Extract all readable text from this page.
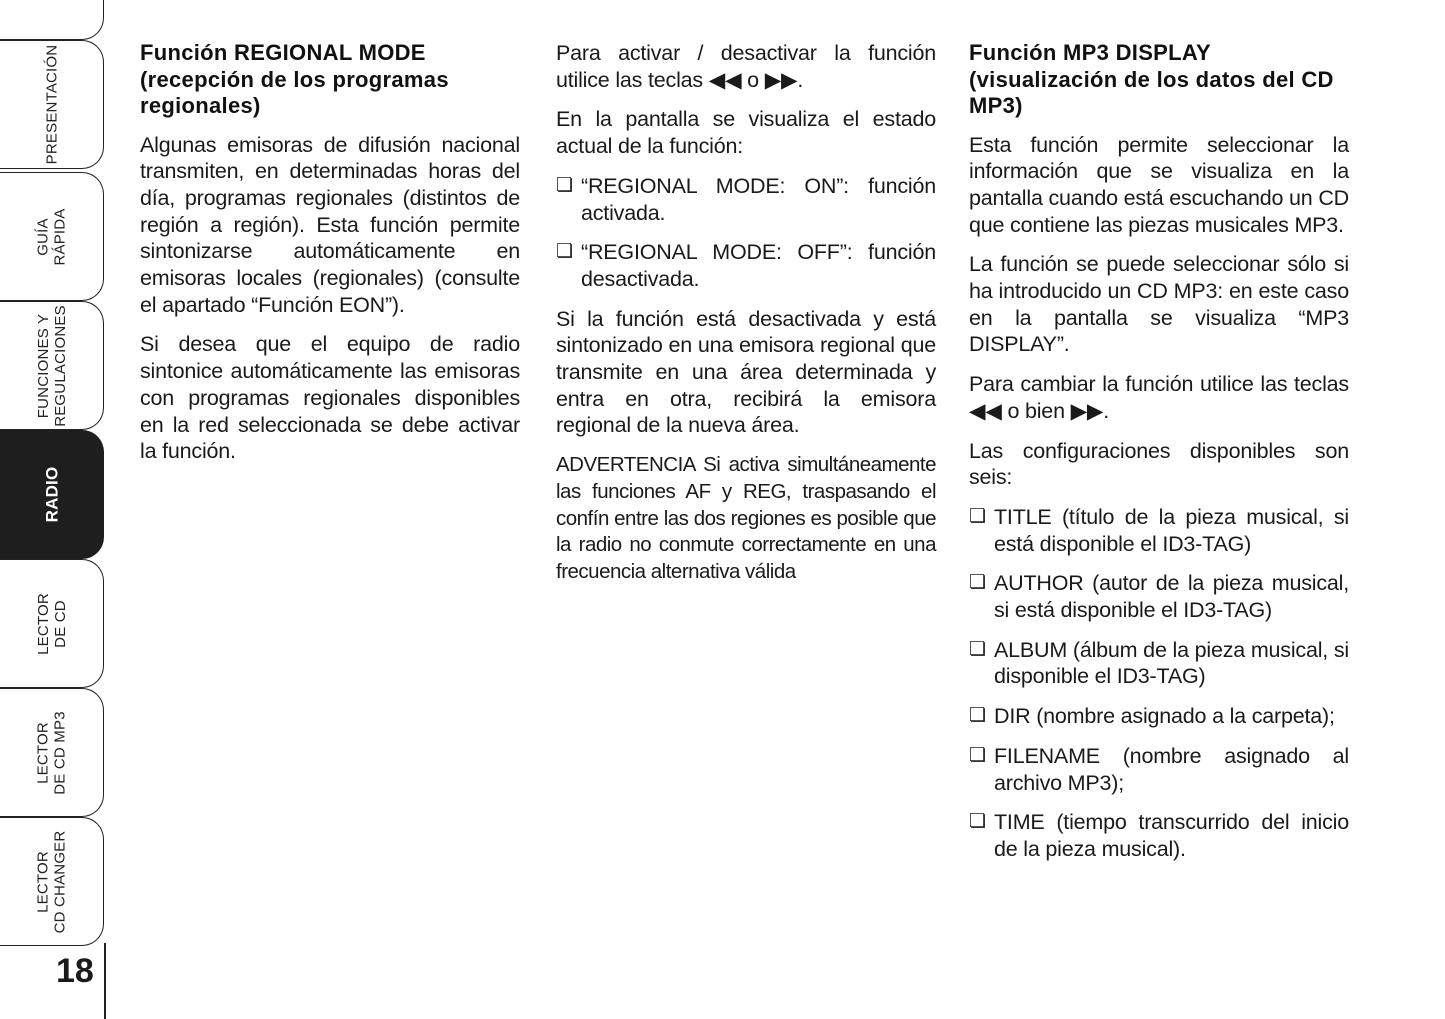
PRESENTACIÓN
GUÍA
RÁPIDA
FUNCIONES Y
REGULACIONES
RADIO
LECTOR
DE CD
LECTOR
DE CD MP3
LECTOR
CD CHANGER
18
Función REGIONAL MODE (recepción de los programas regionales)

Algunas emisoras de difusión nacional transmiten, en determinadas horas del día, programas regionales (distintos de región a región). Esta función permite sintonizarse automáticamente en emisoras locales (regionales) (consulte el apartado “Función EON”).

Si desea que el equipo de radio sintonice automáticamente las emisoras con programas regionales disponibles en la red seleccionada se debe activar la función.

Para activar / desactivar la función utilice las teclas ◀◀ o ▶▶.

En la pantalla se visualiza el estado actual de la función:

❏ “REGIONAL MODE: ON”: función activada.

❏ “REGIONAL MODE: OFF”: función desactivada.

Si la función está desactivada y está sintonizado en una emisora regional que transmite en una área determinada y entra en otra, recibirá la emisora regional de la nueva área.

ADVERTENCIA Si activa simultáneamente las funciones AF y REG, traspasando el confín entre las dos regiones es posible que la radio no conmute correctamente en una frecuencia alternativa válida

Función MP3 DISPLAY (visualización de los datos del CD MP3)

Esta función permite seleccionar la información que se visualiza en la pantalla cuando está escuchando un CD que contiene las piezas musicales MP3.

La función se puede seleccionar sólo si ha introducido un CD MP3: en este caso en la pantalla se visualiza “MP3 DISPLAY”.

Para cambiar la función utilice las teclas ◀◀ o bien ▶▶.

Las configuraciones disponibles son seis:

❏ TITLE (título de la pieza musical, si está disponible el ID3-TAG)

❏ AUTHOR (autor de la pieza musical, si está disponible el ID3-TAG)

❏ ALBUM (álbum de la pieza musical, si disponible el ID3-TAG)

❏ DIR (nombre asignado a la carpeta);

❏ FILENAME (nombre asignado al archivo MP3);

❏ TIME (tiempo transcurrido del inicio de la pieza musical).
